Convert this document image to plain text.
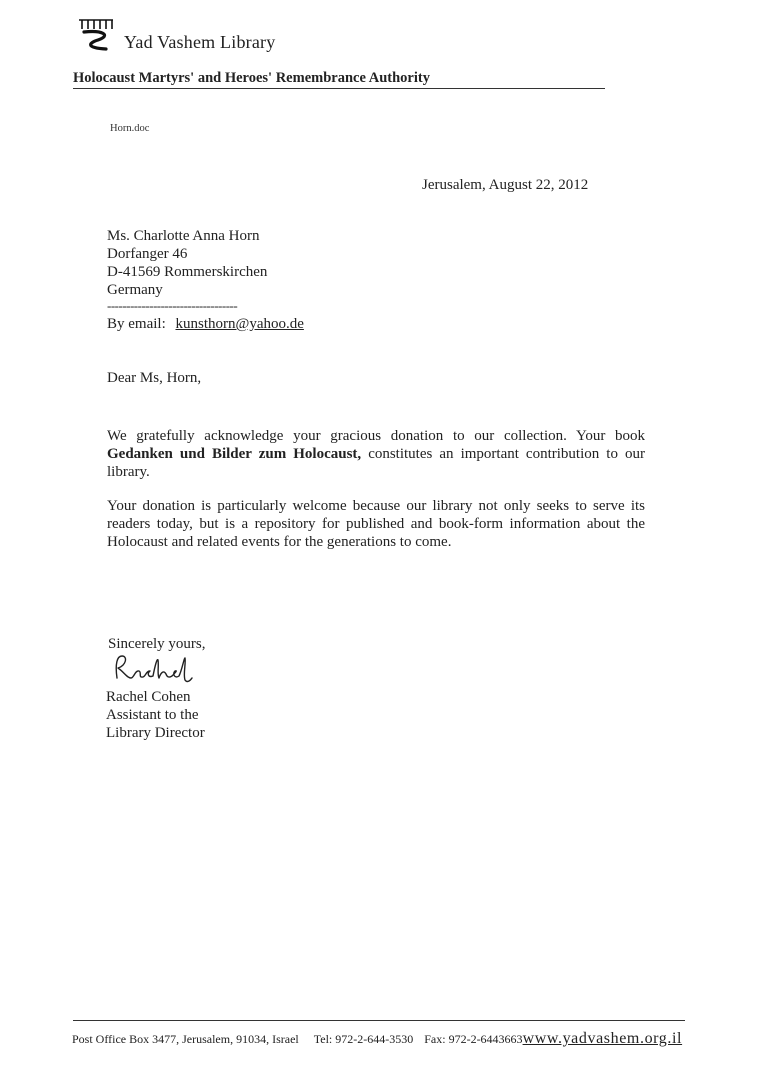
Yad Vashem Library
Holocaust Martyrs' and Heroes' Remembrance Authority
Horn.doc
Jerusalem, August 22, 2012
Ms. Charlotte Anna Horn
Dorfanger 46
D-41569 Rommerskirchen
Germany
----------------------------------
By email: kunsthorn@yahoo.de
Dear Ms, Horn,
We gratefully acknowledge your gracious donation to our collection. Your book Gedanken und Bilder zum Holocaust, constitutes an important contribution to our library.
Your donation is particularly welcome because our library not only seeks to serve its readers today, but is a repository for published and book-form information about the Holocaust and related events for the generations to come.
Sincerely yours,
Rachel Cohen
Assistant to the
Library Director
Post Office Box 3477, Jerusalem, 91034, Israel Tel: 972-2-644-3530 Fax: 972-2-6443663www.yadvashem.org.il
